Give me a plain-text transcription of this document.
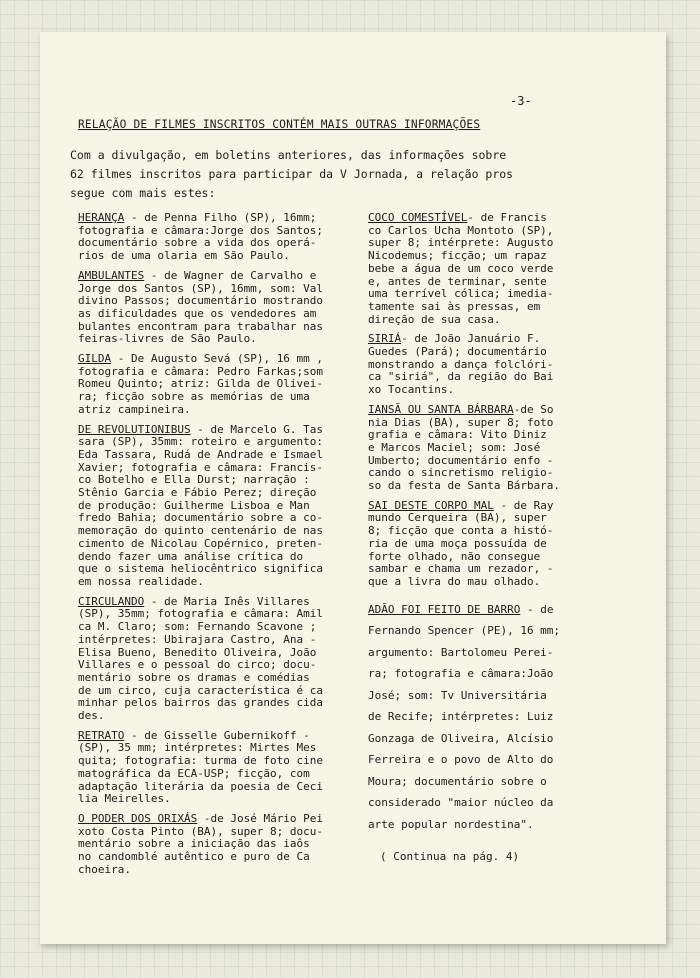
-3-
RELAÇÃO DE FILMES INSCRITOS CONTÉM MAIS OUTRAS INFORMAÇÕES
Com a divulgação, em boletins anteriores, das informações sobre
62 filmes inscritos para participar da V Jornada, a relação pros
segue com mais estes:
HERANÇA - de Penna Filho (SP), 16mm;
fotografia e câmara:Jorge dos Santos;
documentário sobre a vida dos operá-
rios de uma olaria em São Paulo.
AMBULANTES - de Wagner de Carvalho e
Jorge dos Santos (SP), 16mm, som: Val
divino Passos; documentário mostrando
as dificuldades que os vendedores am
bulantes encontram para trabalhar nas
feiras-livres de São Paulo.
GILDA - De Augusto Sevá (SP), 16 mm ,
fotografia e câmara: Pedro Farkas;som
Romeu Quinto; atriz: Gilda de Olivei-
ra; ficção sobre as memórias de uma
atriz campineira.
DE REVOLUTIONIBUS - de Marcelo G. Tas
sara (SP), 35mm: roteiro e argumento:
Eda Tassara, Rudá de Andrade e Ismael
Xavier; fotografia e câmara: Francis-
co Botelho e Ella Durst; narração :
Stênio Garcia e Fábio Perez; direção
de produção: Guilherme Lisboa e Man
fredo Bahia; documentário sobre a co-
memoração do quinto centenário de nas
cimento de Nicolau Copérnico, preten-
dendo fazer uma análise crítica do
que o sistema heliocêntrico significa
em nossa realidade.
CIRCULANDO - de Maria Inês Villares
(SP), 35mm; fotografia e câmara: Amil
ca M. Claro; som: Fernando Scavone ;
intérpretes: Ubirajara Castro, Ana -
Elisa Bueno, Benedito Oliveira, João
Villares e o pessoal do circo; docu-
mentário sobre os dramas e comédias
de um circo, cuja característica é ca
minhar pelos bairros das grandes cida
des.
RETRATO - de Gisselle Gubernikoff -
(SP), 35 mm; intérpretes: Mirtes Mes
quita; fotografia: turma de foto cine
matográfica da ECA-USP; ficção, com
adaptação literária da poesia de Ceci
lia Meirelles.
O PODER DOS ORIXÁS -de José Mário Pei
xoto Costa Pinto (BA), super 8; docu-
mentário sobre a iniciação das iaôs
no candomblé autêntico e puro de Ca
choeira.
COCO COMESTÍVEL- de Francis
co Carlos Ucha Montoto (SP),
super 8; intérprete: Augusto
Nicodemus; ficção; um rapaz
bebe a água de um coco verde
e, antes de terminar, sente
uma terrível cólica; imedia-
tamente sai às pressas, em
direção de sua casa.
SIRIÁ- de João Januário F.
Guedes (Pará); documentário
monstrando a dança folclóri-
ca "siriá", da região do Bai
xo Tocantins.
IANSÃ OU SANTA BÁRBARA-de So
nia Dias (BA), super 8; foto
grafia e câmara: Vito Diniz
e Marcos Maciel; som: José
Umberto; documentário enfo -
cando o sincretismo religio-
so da festa de Santa Bárbara.
SAI DESTE CORPO MAL - de Ray
mundo Cerqueira (BA), super
8; ficção que conta a histó-
ria de uma moça possuída de
forte olhado, não consegue
sambar e chama um rezador, -
que a livra do mau olhado.
ADÃO FOI FEITO DE BARRO - de
Fernando Spencer (PE), 16 mm;
argumento: Bartolomeu Perei-
ra; fotografia e câmara:João
José; som: Tv Universitária
de Recife; intérpretes: Luiz
Gonzaga de Oliveira, Alcísio
Ferreira e o povo de Alto do
Moura; documentário sobre o
considerado "maior núcleo da
arte popular nordestina".
( Continua na pág. 4)
